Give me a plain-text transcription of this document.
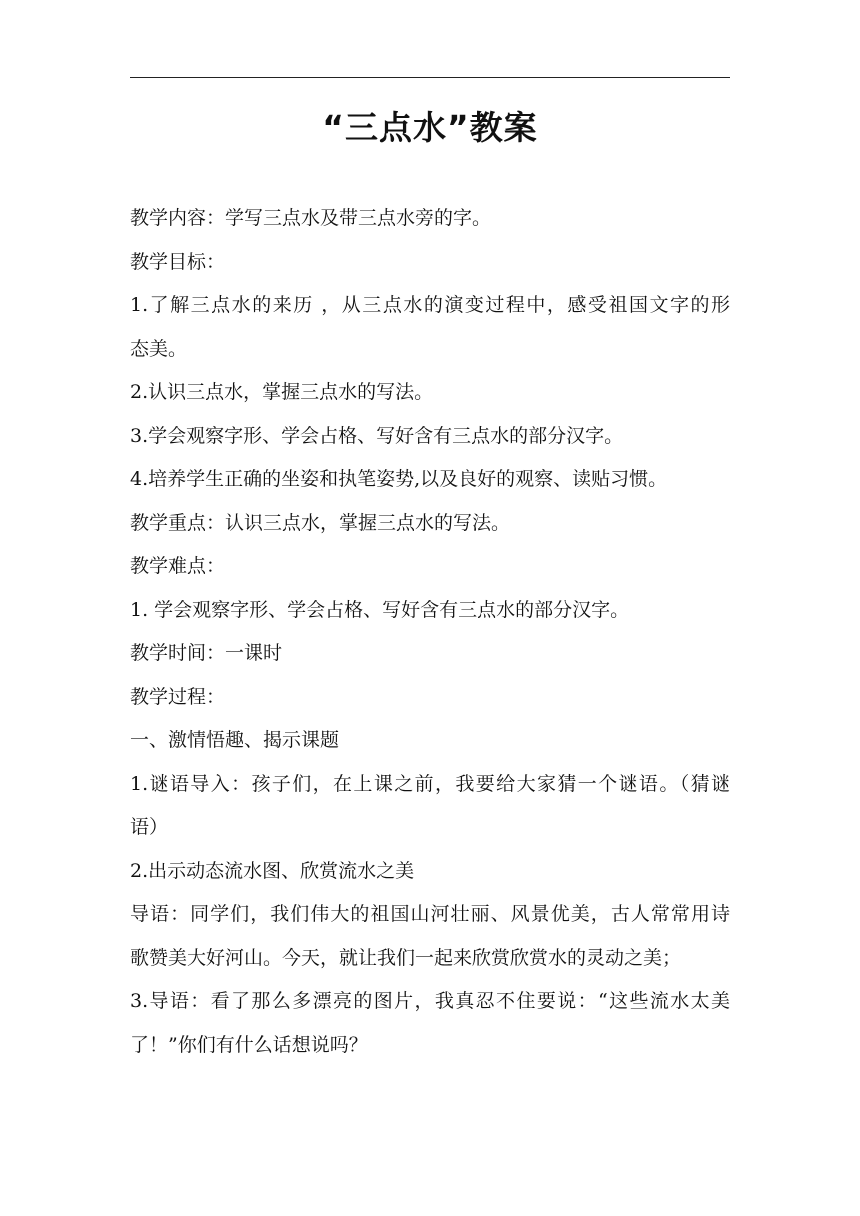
“三点水”教案
教学内容：学写三点水及带三点水旁的字。
教学目标：
1.了解三点水的来历 ，从三点水的演变过程中，感受祖国文字的形
态美。
2.认识三点水，掌握三点水的写法。
3.学会观察字形、学会占格、写好含有三点水的部分汉字。
4.培养学生正确的坐姿和执笔姿势,以及良好的观察、读贴习惯。
教学重点：认识三点水，掌握三点水的写法。
教学难点：
1. 学会观察字形、学会占格、写好含有三点水的部分汉字。
教学时间：一课时
教学过程：
一、激情悟趣、揭示课题
1.谜语导入：孩子们，在上课之前，我要给大家猜一个谜语。（猜谜
语）
2.出示动态流水图、欣赏流水之美
导语：同学们，我们伟大的祖国山河壮丽、风景优美，古人常常用诗
歌赞美大好河山。今天，就让我们一起来欣赏欣赏水的灵动之美；
3.导语：看了那么多漂亮的图片，我真忍不住要说：“这些流水太美
了！”你们有什么话想说吗？
